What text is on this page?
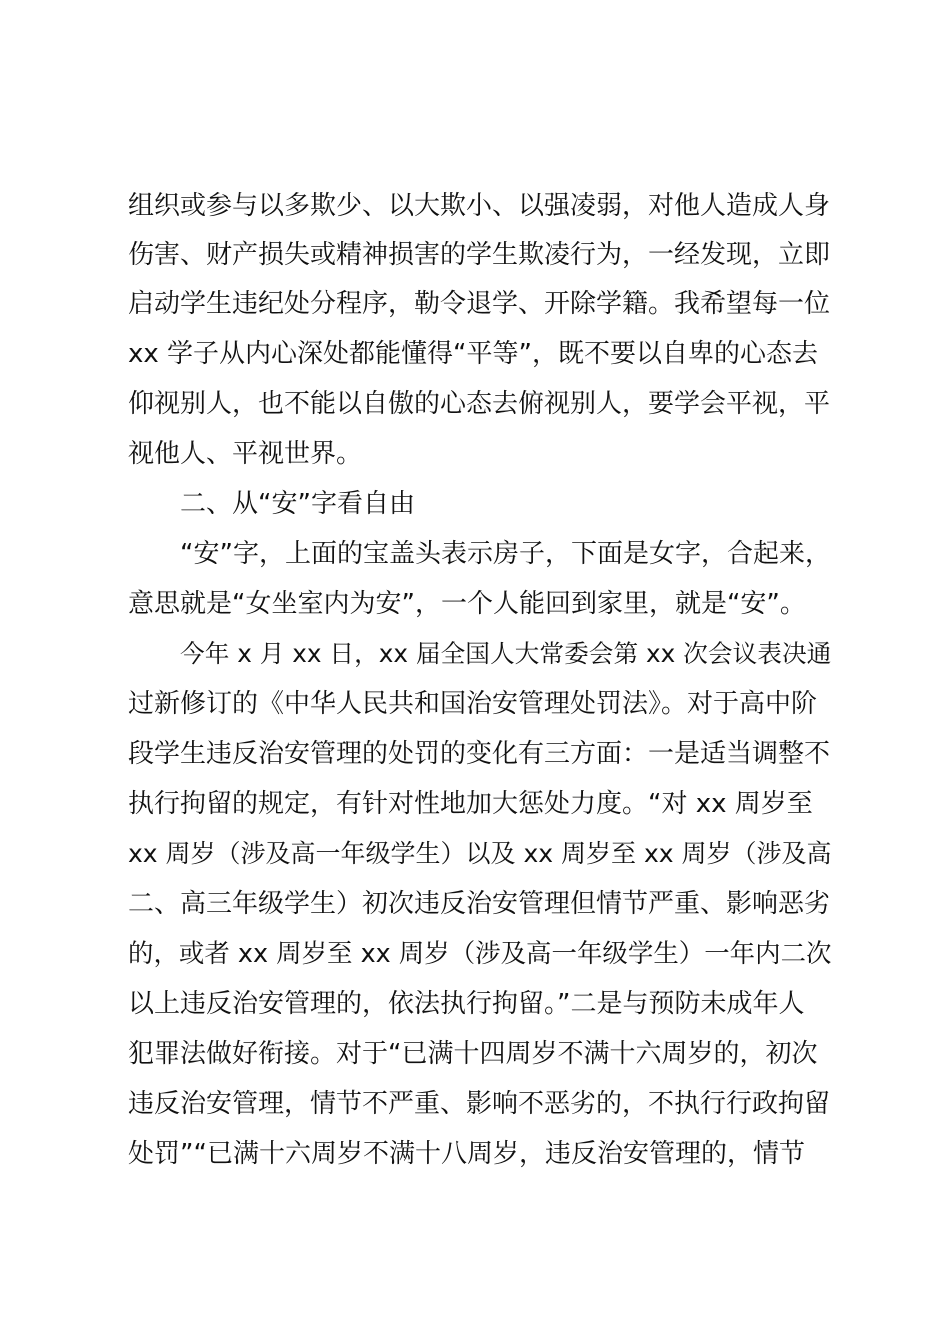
组织或参与以多欺少、以大欺小、以强凌弱，对他人造成人身
伤害、财产损失或精神损害的学生欺凌行为，一经发现，立即
启动学生违纪处分程序，勒令退学、开除学籍。我希望每一位
xx 学子从内心深处都能懂得“平等”，既不要以自卑的心态去
仰视别人，也不能以自傲的心态去俯视别人，要学会平视，平
视他人、平视世界。
二、从“安”字看自由
“安”字，上面的宝盖头表示房子，下面是女字，合起来，
意思就是“女坐室内为安”，一个人能回到家里，就是“安”。
今年 x 月 xx 日，xx 届全国人大常委会第 xx 次会议表决通
过新修订的《中华人民共和国治安管理处罚法》。对于高中阶
段学生违反治安管理的处罚的变化有三方面：一是适当调整不
执行拘留的规定，有针对性地加大惩处力度。“对 xx 周岁至
xx 周岁（涉及高一年级学生）以及 xx 周岁至 xx 周岁（涉及高
二、高三年级学生）初次违反治安管理但情节严重、影响恶劣
的，或者 xx 周岁至 xx 周岁（涉及高一年级学生）一年内二次
以上违反治安管理的，依法执行拘留。”二是与预防未成年人
犯罪法做好衔接。对于“已满十四周岁不满十六周岁的，初次
违反治安管理，情节不严重、影响不恶劣的，不执行行政拘留
处罚”“已满十六周岁不满十八周岁，违反治安管理的，情节
